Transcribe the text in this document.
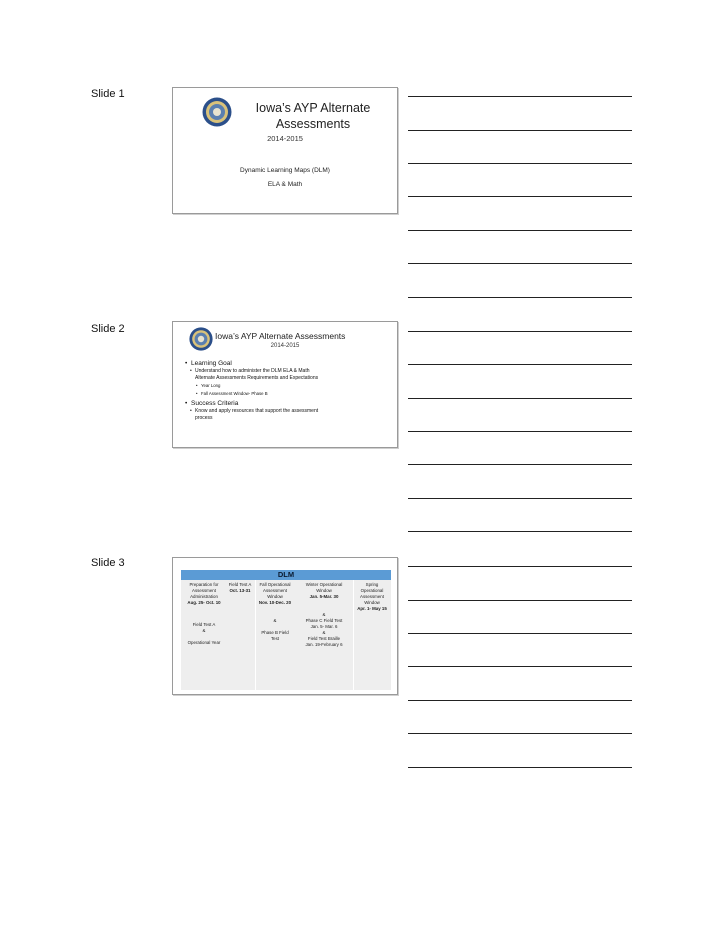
Slide 1
Slide 2
Slide 3
Iowa’s AYP Alternate
Assessments
2014-2015
Dynamic Learning Maps (DLM)
ELA & Math
Iowa’s AYP Alternate Assessments
2014-2015
• Learning Goal
• Understand how to administer the DLM ELA & Math
Alternate Assessments Requirements and Expectations
• Year Long
• Fall Assessment Window- Phase B
• Success Criteria
• Know and apply resources that support the assessment
process
DLM
Preparation for
Assessment
Administration
Aug. 25- Oct. 10
Field Test A
&
Operational Year
Field Test A
Oct. 13-31
Fall Operational
Assessment
Window
Nov. 10-Dec. 20
&
Phase B Field
Test
Winter Operational
Window
Jan. 5-Mar. 30
&
Phase C Field Test
Jan. 5- Mar. 6
&
Field Test Braille
Jan. 19-February 6
Spring
Operational
Assessment
Window
Apr. 1- May 15
